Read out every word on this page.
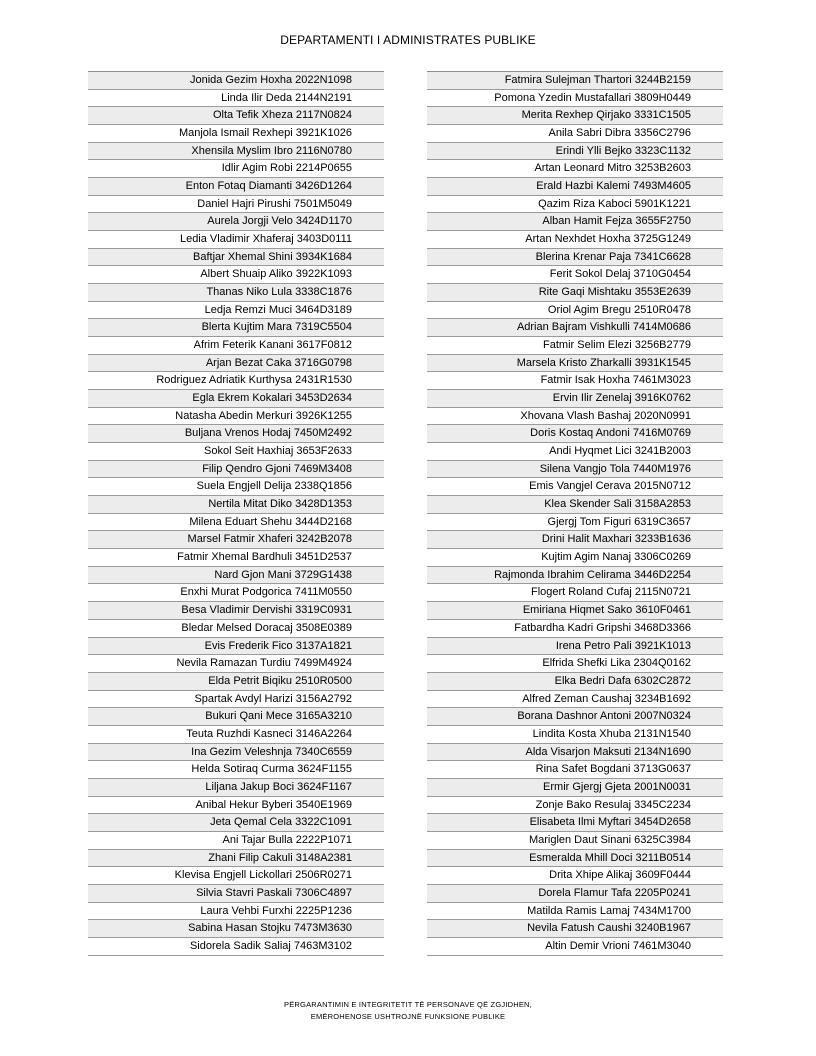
DEPARTAMENTI I ADMINISTRATES PUBLIKE
Jonida Gezim Hoxha 2022N1098
Linda Ilir Deda 2144N2191
Olta Tefik Xheza 2117N0824
Manjola Ismail Rexhepi 3921K1026
Xhensila Myslim Ibro 2116N0780
Idlir Agim Robi 2214P0655
Enton Fotaq Diamanti 3426D1264
Daniel Hajri Pirushi 7501M5049
Aurela Jorgji Velo 3424D1170
Ledia Vladimir Xhaferaj 3403D0111
Baftjar Xhemal Shini 3934K1684
Albert Shuaip Aliko 3922K1093
Thanas Niko Lula 3338C1876
Ledja Remzi Muci 3464D3189
Blerta Kujtim Mara 7319C5504
Afrim Feterik Kanani 3617F0812
Arjan Bezat Caka 3716G0798
Rodriguez Adriatik Kurthysa 2431R1530
Egla Ekrem Kokalari 3453D2634
Natasha Abedin Merkuri 3926K1255
Buljana Vrenos Hodaj 7450M2492
Sokol Seit Haxhiaj 3653F2633
Filip Qendro Gjoni 7469M3408
Suela Engjell Delija 2338Q1856
Nertila Mitat Diko 3428D1353
Milena Eduart Shehu 3444D2168
Marsel Fatmir Xhaferi 3242B2078
Fatmir Xhemal Bardhuli 3451D2537
Nard Gjon Mani 3729G1438
Enxhi Murat Podgorica 7411M0550
Besa Vladimir Dervishi 3319C0931
Bledar Melsed Doracaj 3508E0389
Evis Frederik Fico 3137A1821
Nevila Ramazan Turdiu 7499M4924
Elda Petrit Biqiku 2510R0500
Spartak Avdyl Harizi 3156A2792
Bukuri Qani Mece 3165A3210
Teuta Ruzhdi Kasneci 3146A2264
Ina Gezim Veleshnja 7340C6559
Helda Sotiraq Curma 3624F1155
Liljana Jakup Boci 3624F1167
Anibal Hekur Byberi 3540E1969
Jeta Qemal Cela 3322C1091
Ani Tajar Bulla 2222P1071
Zhani Filip Cakuli 3148A2381
Klevisa Engjell Lickollari 2506R0271
Silvia Stavri Paskali 7306C4897
Laura Vehbi Furxhi 2225P1236
Sabina Hasan Stojku 7473M3630
Sidorela Sadik Saliaj 7463M3102
Fatmira Sulejman Thartori 3244B2159
Pomona Yzedin Mustafallari 3809H0449
Merita Rexhep Qirjako 3331C1505
Anila Sabri Dibra 3356C2796
Erindi Ylli Bejko 3323C1132
Artan Leonard Mitro 3253B2603
Erald Hazbi Kalemi 7493M4605
Qazim Riza Kaboci 5901K1221
Alban Hamit Fejza 3655F2750
Artan Nexhdet Hoxha 3725G1249
Blerina Krenar Paja 7341C6628
Ferit Sokol Delaj 3710G0454
Rite Gaqi Mishtaku 3553E2639
Oriol Agim Bregu 2510R0478
Adrian Bajram Vishkulli 7414M0686
Fatmir Selim Elezi 3256B2779
Marsela Kristo Zharkalli 3931K1545
Fatmir Isak Hoxha 7461M3023
Ervin Ilir Zenelaj 3916K0762
Xhovana Vlash Bashaj 2020N0991
Doris Kostaq Andoni 7416M0769
Andi Hyqmet Lici 3241B2003
Silena Vangjo Tola 7440M1976
Emis Vangjel Cerava 2015N0712
Klea Skender Sali 3158A2853
Gjergj Tom Figuri 6319C3657
Drini Halit Maxhari 3233B1636
Kujtim Agim Nanaj 3306C0269
Rajmonda Ibrahim Celirama 3446D2254
Flogert Roland Cufaj 2115N0721
Emiriana Hiqmet Sako 3610F0461
Fatbardha Kadri Gripshi 3468D3366
Irena Petro Pali 3921K1013
Elfrida Shefki Lika 2304Q0162
Elka Bedri Dafa 6302C2872
Alfred Zeman Caushaj 3234B1692
Borana Dashnor Antoni 2007N0324
Lindita Kosta Xhuba 2131N1540
Alda Visarjon Maksuti 2134N1690
Rina Safet Bogdani 3713G0637
Ermir Gjergj Gjeta 2001N0031
Zonje Bako Resulaj 3345C2234
Elisabeta Ilmi Myftari 3454D2658
Mariglen Daut Sinani 6325C3984
Esmeralda Mhill Doci 3211B0514
Drita Xhipe Alikaj 3609F0444
Dorela Flamur Tafa 2205P0241
Matilda Ramis Lamaj 7434M1700
Nevila Fatush Caushi 3240B1967
Altin Demir Vrioni 7461M3040
PËRGARANTIMIN E INTEGRITETIT TË PERSONAVE QË ZGJIDHEN,
EMËROHENOSE USHTROJNË FUNKSIONE PUBLIKE
